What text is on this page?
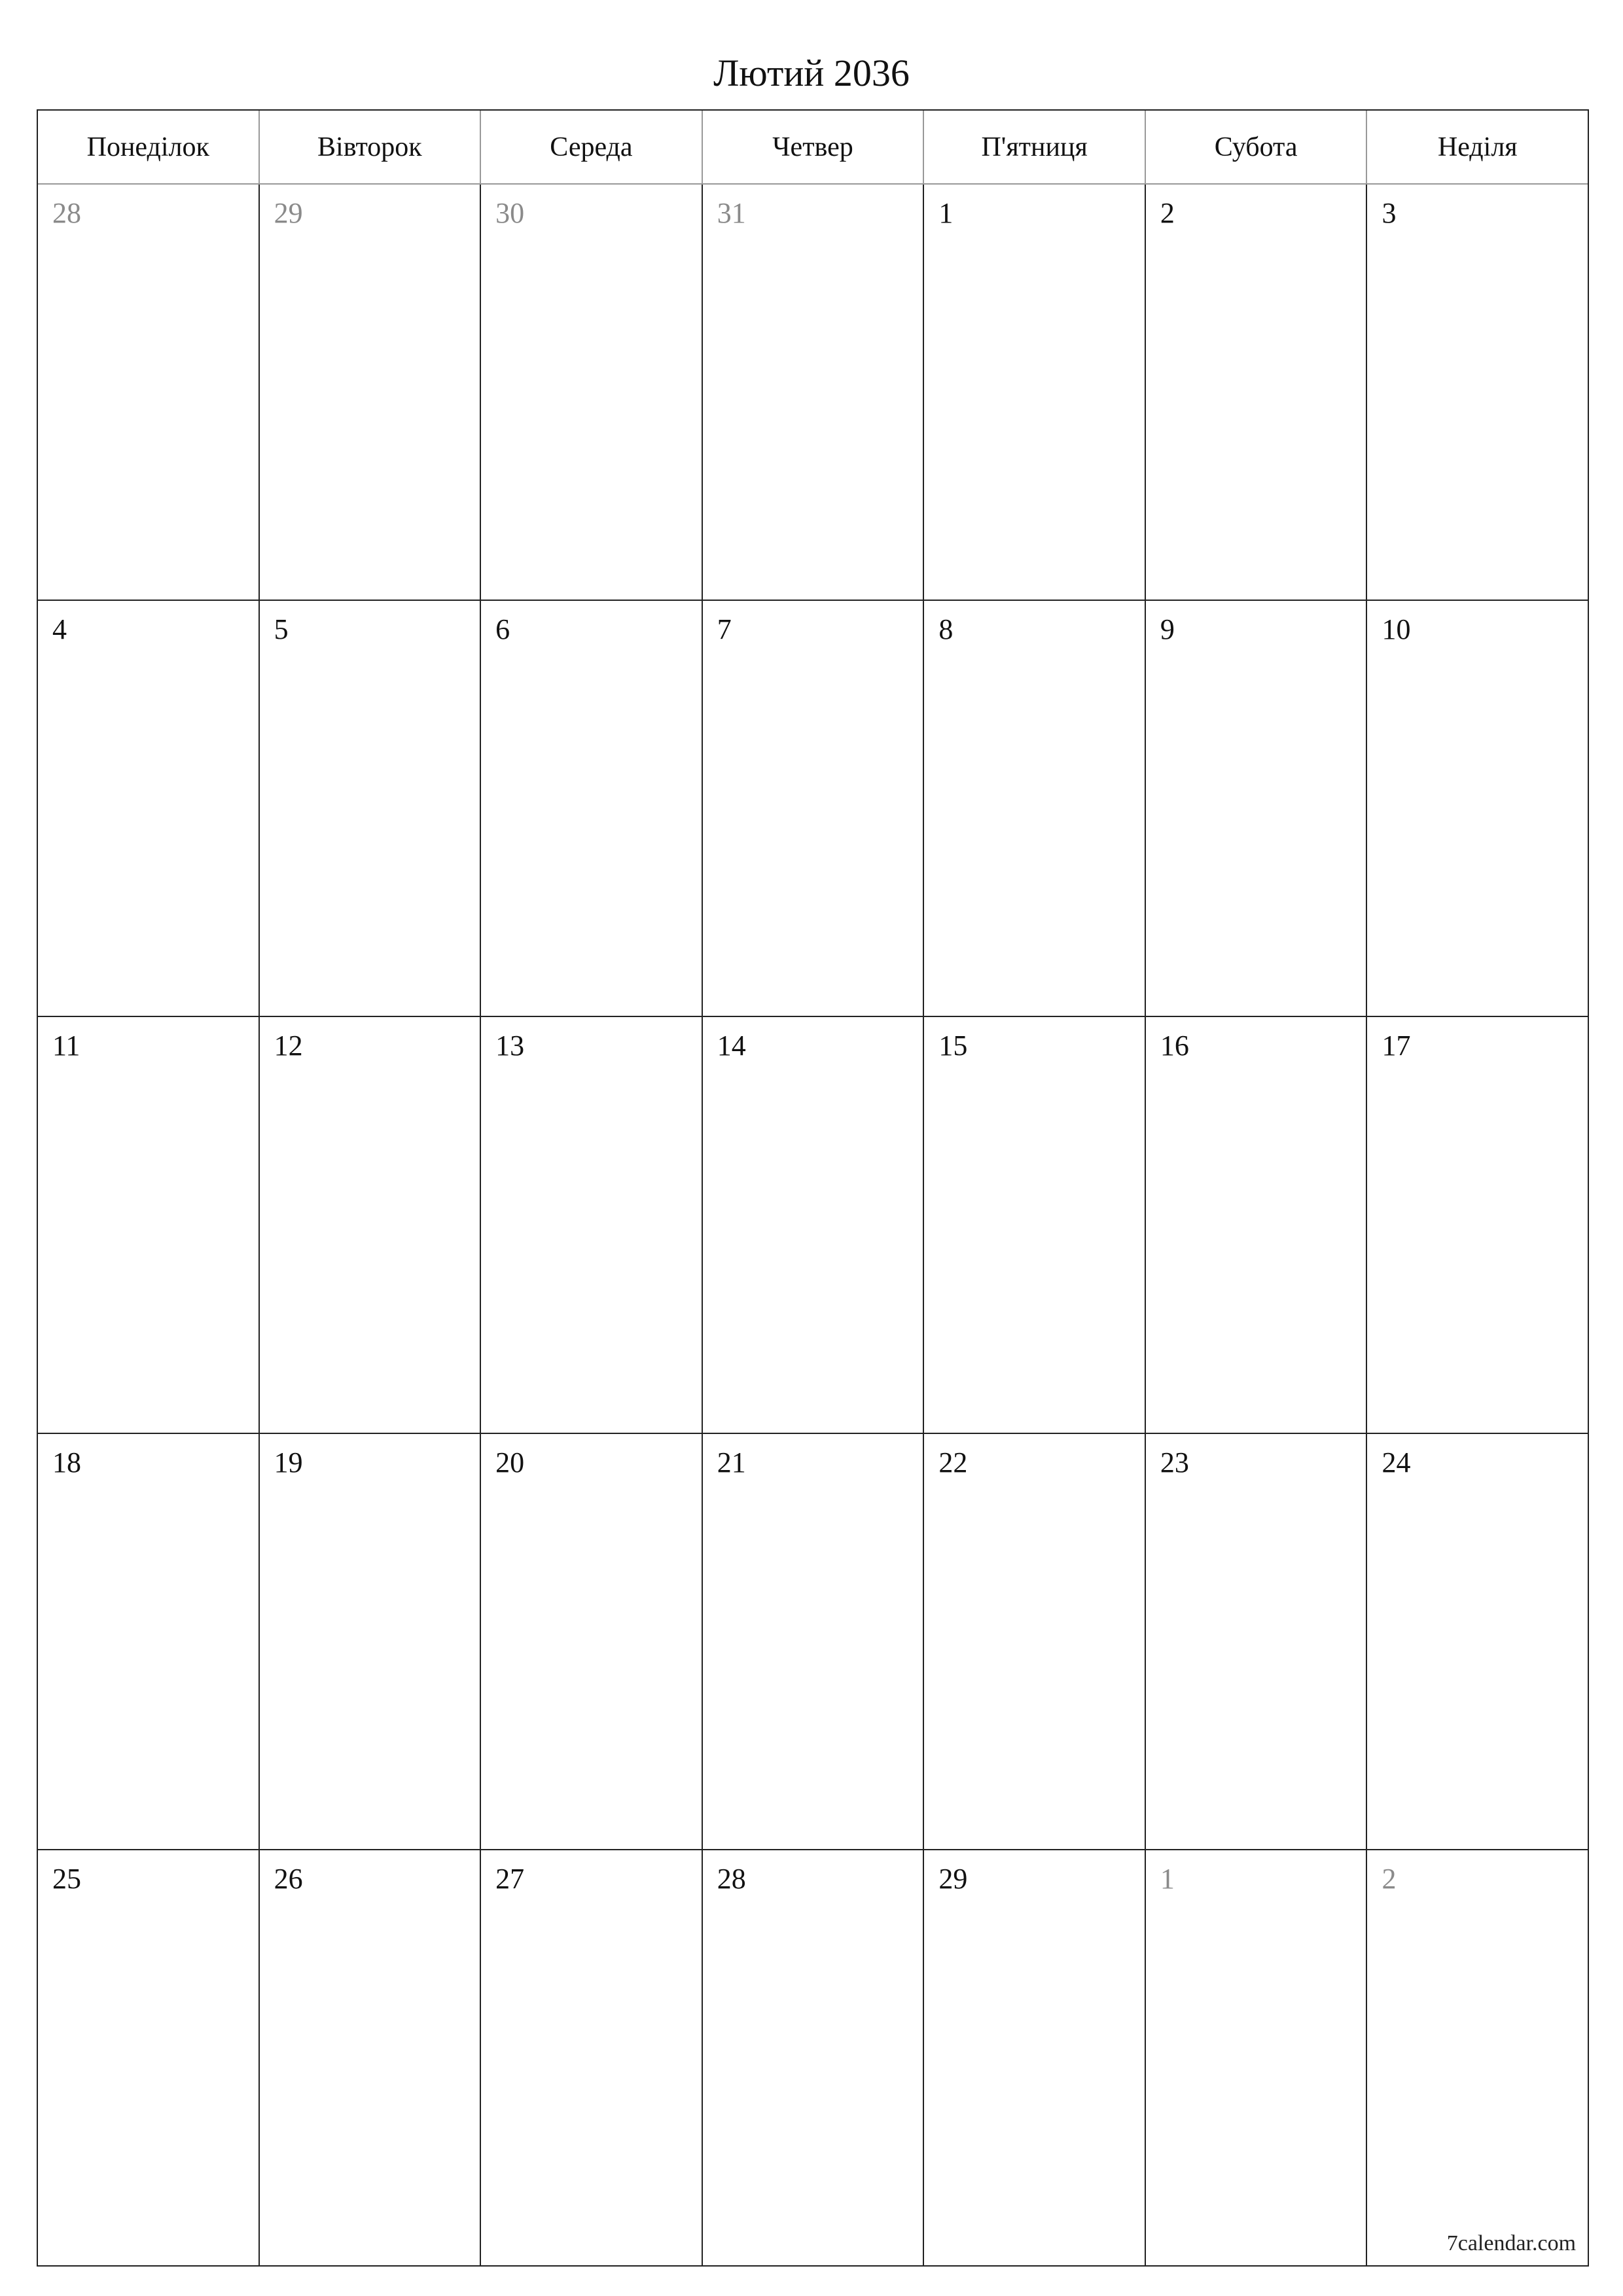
Лютий 2036
Понеділок	Вівторок	Середа	Четвер	П'ятниця	Субота	Неділя
28	29	30	31	1	2	3
4	5	6	7	8	9	10
11	12	13	14	15	16	17
18	19	20	21	22	23	24
25	26	27	28	29	1	2
7calendar.com
